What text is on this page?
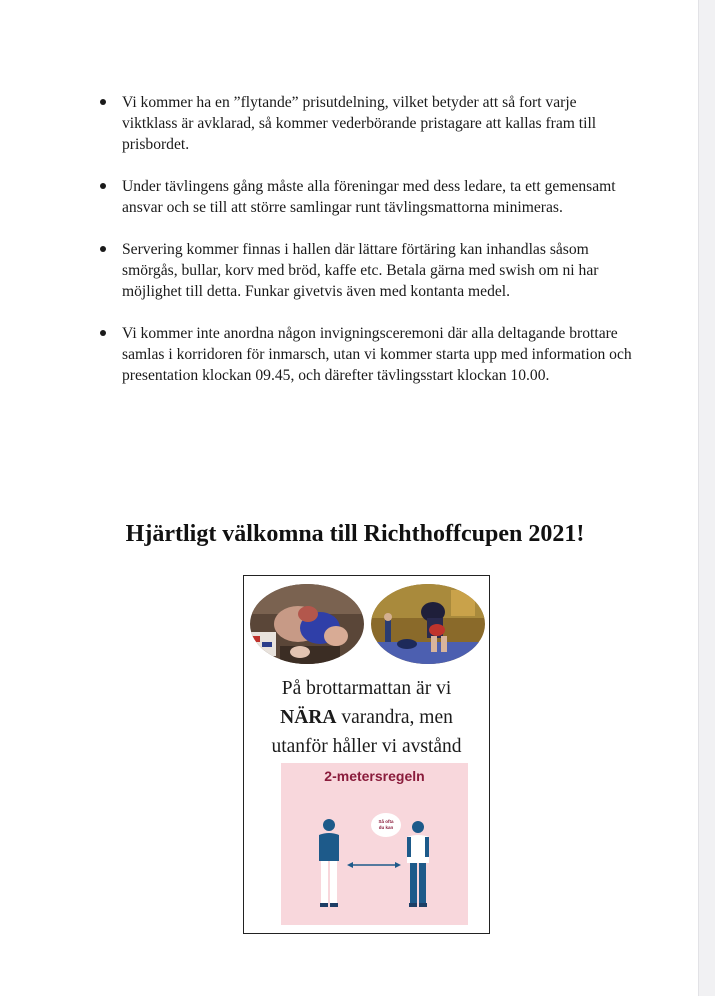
Vi kommer ha en ”flytande” prisutdelning, vilket betyder att så fort varje viktklass är avklarad, så kommer vederbörande pristagare att kallas fram till prisbordet.
Under tävlingens gång måste alla föreningar med dess ledare, ta ett gemensamt ansvar och se till att större samlingar runt tävlingsmattorna minimeras.
Servering kommer finnas i hallen där lättare förtäring kan inhandlas såsom smörgås, bullar, korv med bröd, kaffe etc. Betala gärna med swish om ni har möjlighet till detta. Funkar givetvis även med kontanta medel.
Vi kommer inte anordna någon invigningsceremoni där alla deltagande brottare samlas i korridoren för inmarsch, utan vi kommer starta upp med information och presentation klockan 09.45, och därefter tävlingsstart klockan 10.00.
Hjärtligt välkomna till Richthoffcupen 2021!
På brottarmattan är vi
NÄRA varandra, men
utanför håller vi avstånd
2-metersregeln
Så ofta
du kan
